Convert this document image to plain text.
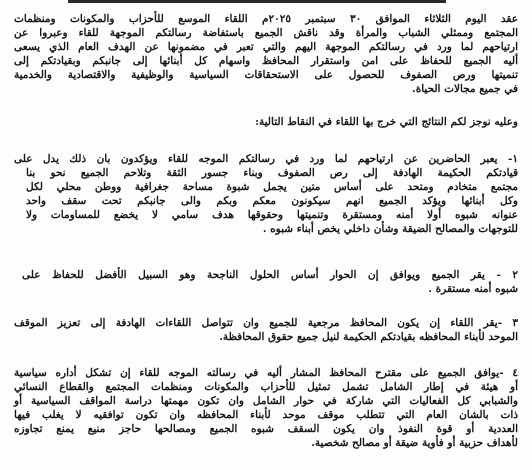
عقد اليوم الثلاثاء الموافق ٣٠ سبتمبر ٢٠٢٥م اللقاء الموسع للأحزاب والمكونات ومنظمات
المجتمع وممثلي الشباب والمرأة وقد ناقش الجميع باستفاضة رسالتكم الموجهة للقاء وعبروا عن
ارتياحهم لما ورد في رسالتكم الموجهة اليهم والتي تعبر في مضمونها عن الهدف العام الذي يسعى
أليه الجميع للحفاظ على امن واستقرار المحافظ واسهام كل أبنائها إلى جانبكم وبقيادتكم إلى
تنميتها ورص الصفوف للحصول على الاستحقاقات السياسية والوظيفية والاقتصادية والخدمية
في جميع مجالات الحياة.
وعليه نوجز لكم النتائج التي خرج بها اللقاء في النقاط التالية:
١- يعبر الحاضرين عن ارتياحهم لما ورد في رسالتكم الموجه للقاء ويؤكدون بان ذلك يدل على
قيادتكم الحكيمة الهادفة إلى رص الصفوف وبناء جسور الثقة وتلاحم الجميع نحو بنا
مجتمع متخادم ومتحد على أساس متين يجمل شبوة مساحة جغرافية ووطن محلي لكل
وكل أبنائها ويؤكد الجميع انهم سيكونون معكم وبكم والى جانبكم تحت سقف واحد
عنوانه شبوه أولا أمنه ومستقرة وتنميتها وحقوقها هدف سامي لا يخضع للمساومات ولا
للتوجهات والمصالح الضيقة وشأن داخلي يخص أبناء شبوه .
٢ - يقر الجميع ويوافق إن الحوار أساس الحلول الناجحة وهو السبيل الأفضل للحفاظ على
شبوه أمنه مستقرة .
٣ -يقر اللقاء إن يكون المحافظ مرجعية للجميع وان تتواصل اللقاءات الهادفة إلى تعزيز الموقف
الموحد لأبناء المحافظه بقيادتكم الحكيمة لنيل جميع حقوق المحافظة.
٤ -يوافق الجميع على مقترح المحافظ المشار أليه في رسالته الموجه للقاء إن تشكل أداره سياسية
أو هيئة في إطار الشامل تشمل تمثيل للأحزاب والمكونات ومنظمات المجتمع والقطاع النسائي
والشبابي كل الفعاليات التي شاركة في حوار الشامل وان تكون مهمتها دراسة المواقف السياسية أو
ذات بالشان العام التي تتطلب موقف موحد لأبناء المحافظه وان تكون توافقيه لا يغلب فيها
العددية أو قوة النفوذ وان يكون السقف شبوه الجميع ومصالحها حاجز منيع يمنع تجاوزه
لأهداف حزبية أو فأوية ضيقة أو مصالح شخصية.
